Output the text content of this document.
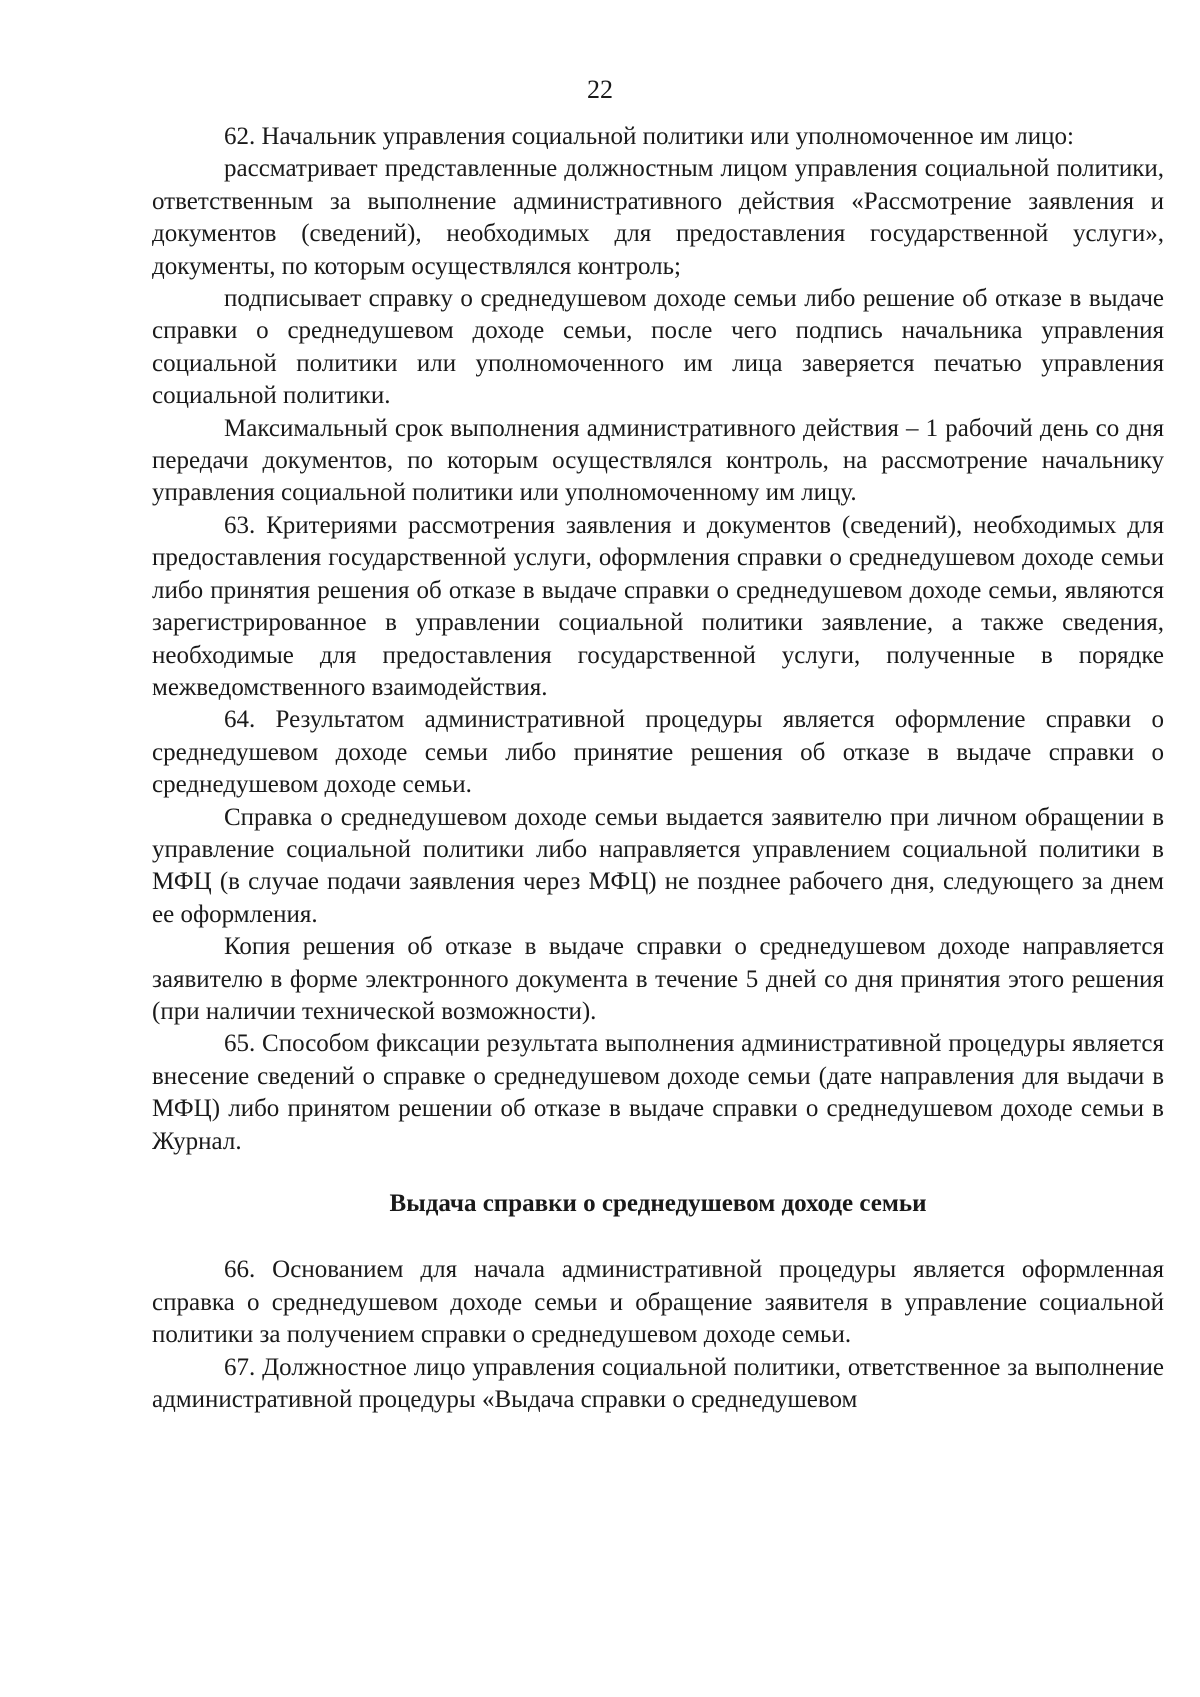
22

62. Начальник управления социальной политики или уполномоченное им лицо:

рассматривает представленные должностным лицом управления социальной политики, ответственным за выполнение административного действия «Рассмотрение заявления и документов (сведений), необходимых для предоставления государственной услуги», документы, по которым осуществлялся контроль;

подписывает справку о среднедушевом доходе семьи либо решение об отказе в выдаче справки о среднедушевом доходе семьи, после чего подпись начальника управления социальной политики или уполномоченного им лица заверяется печатью управления социальной политики.

Максимальный срок выполнения административного действия – 1 рабочий день со дня передачи документов, по которым осуществлялся контроль, на рассмотрение начальнику управления социальной политики или уполномоченному им лицу.

63. Критериями рассмотрения заявления и документов (сведений), необходимых для предоставления государственной услуги, оформления справки о среднедушевом доходе семьи либо принятия решения об отказе в выдаче справки о среднедушевом доходе семьи, являются зарегистрированное в управлении социальной политики заявление, а также сведения, необходимые для предоставления государственной услуги, полученные в порядке межведомственного взаимодействия.

64. Результатом административной процедуры является оформление справки о среднедушевом доходе семьи либо принятие решения об отказе в выдаче справки о среднедушевом доходе семьи.

Справка о среднедушевом доходе семьи выдается заявителю при личном обращении в управление социальной политики либо направляется управлением социальной политики в МФЦ (в случае подачи заявления через МФЦ) не позднее рабочего дня, следующего за днем ее оформления.

Копия решения об отказе в выдаче справки о среднедушевом доходе направляется заявителю в форме электронного документа в течение 5 дней со дня принятия этого решения (при наличии технической возможности).

65. Способом фиксации результата выполнения административной процедуры является внесение сведений о справке о среднедушевом доходе семьи (дате направления для выдачи в МФЦ) либо принятом решении об отказе в выдаче справки о среднедушевом доходе семьи в Журнал.

Выдача справки о среднедушевом доходе семьи

66. Основанием для начала административной процедуры является оформленная справка о среднедушевом доходе семьи и обращение заявителя в управление социальной политики за получением справки о среднедушевом доходе семьи.

67. Должностное лицо управления социальной политики, ответственное за выполнение административной процедуры «Выдача справки о среднедушевом
